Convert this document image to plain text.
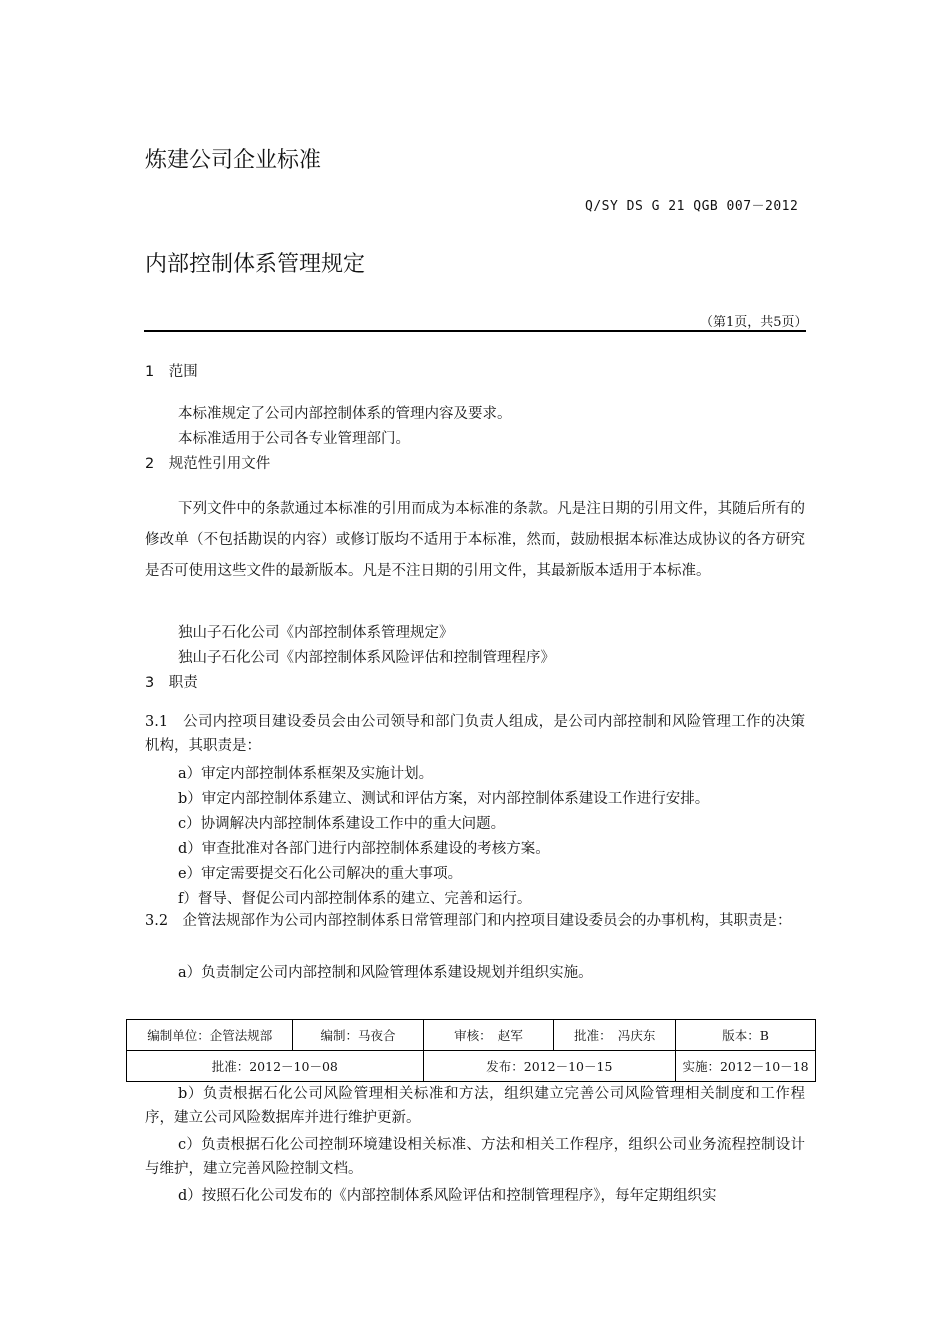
炼建公司企业标准
Q/SY DS G 21 QGB 007－2012
内部控制体系管理规定
（第1页，共5页）
1　范围
本标准规定了公司内部控制体系的管理内容及要求。
本标准适用于公司各专业管理部门。
2　规范性引用文件
下列文件中的条款通过本标准的引用而成为本标准的条款。凡是注日期的引用文件，其随后所有的修改单（不包括勘误的内容）或修订版均不适用于本标准，然而，鼓励根据本标准达成协议的各方研究是否可使用这些文件的最新版本。凡是不注日期的引用文件，其最新版本适用于本标准。
独山子石化公司《内部控制体系管理规定》
独山子石化公司《内部控制体系风险评估和控制管理程序》
3　职责
3.1　公司内控项目建设委员会由公司领导和部门负责人组成，是公司内部控制和风险管理工作的决策机构，其职责是：
a）审定内部控制体系框架及实施计划。
b）审定内部控制体系建立、测试和评估方案，对内部控制体系建设工作进行安排。
c）协调解决内部控制体系建设工作中的重大问题。
d）审查批准对各部门进行内部控制体系建设的考核方案。
e）审定需要提交石化公司解决的重大事项。
f）督导、督促公司内部控制体系的建立、完善和运行。
3.2　企管法规部作为公司内部控制体系日常管理部门和内控项目建设委员会的办事机构，其职责是：
a）负责制定公司内部控制和风险管理体系建设规划并组织实施。
编制单位：企管法规部	编制：马夜合	审核：　赵军	批准：　冯庆东	版本：B
批准：2012－10－08		发布：2012－10－15		实施：2012－10－18
b）负责根据石化公司风险管理相关标准和方法，组织建立完善公司风险管理相关制度和工作程序，建立公司风险数据库并进行维护更新。
c）负责根据石化公司控制环境建设相关标准、方法和相关工作程序，组织公司业务流程控制设计与维护，建立完善风险控制文档。
d）按照石化公司发布的《内部控制体系风险评估和控制管理程序》，每年定期组织实
